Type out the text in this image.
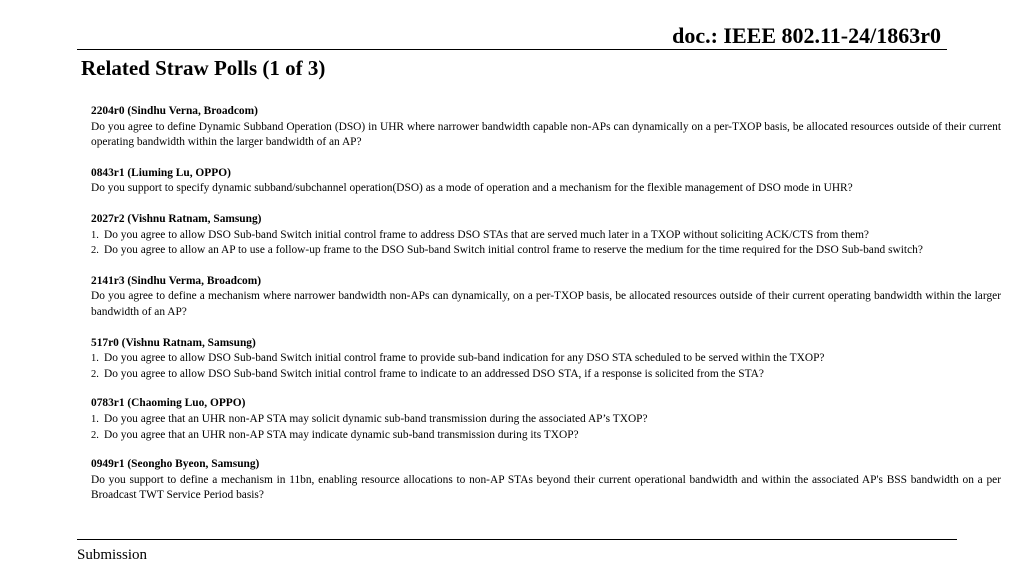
doc.: IEEE 802.11-24/1863r0
Related Straw Polls (1 of 3)
2204r0 (Sindhu Verna, Broadcom)
Do you agree to define Dynamic Subband Operation (DSO) in UHR where narrower bandwidth capable non-APs can dynamically on a per-TXOP basis, be allocated resources outside of their current operating bandwidth within the larger bandwidth of an AP?
0843r1 (Liuming Lu, OPPO)
Do you support to specify dynamic subband/subchannel operation(DSO) as a mode of operation and a mechanism for the flexible management of DSO mode in UHR?
2027r2 (Vishnu Ratnam, Samsung)
1. Do you agree to allow DSO Sub-band Switch initial control frame to address DSO STAs that are served much later in a TXOP without soliciting ACK/CTS from them?
2. Do you agree to allow an AP to use a follow-up frame to the DSO Sub-band Switch initial control frame to reserve the medium for the time required for the DSO Sub-band switch?
2141r3 (Sindhu Verma, Broadcom)
Do you agree to define a mechanism where narrower bandwidth non-APs can dynamically, on a per-TXOP basis, be allocated resources outside of their current operating bandwidth within the larger bandwidth of an AP?
517r0 (Vishnu Ratnam, Samsung)
1. Do you agree to allow DSO Sub-band Switch initial control frame to provide sub-band indication for any DSO STA scheduled to be served within the TXOP?
2. Do you agree to allow DSO Sub-band Switch initial control frame to indicate to an addressed DSO STA, if a response is solicited from the STA?
0783r1 (Chaoming Luo, OPPO)
1. Do you agree that an UHR non-AP STA may solicit dynamic sub-band transmission during the associated AP’s TXOP?
2. Do you agree that an UHR non-AP STA may indicate dynamic sub-band transmission during its TXOP?
0949r1 (Seongho Byeon, Samsung)
Do you support to define a mechanism in 11bn, enabling resource allocations to non-AP STAs beyond their current operational bandwidth and within the associated AP's BSS bandwidth on a per Broadcast TWT Service Period basis?
Submission
